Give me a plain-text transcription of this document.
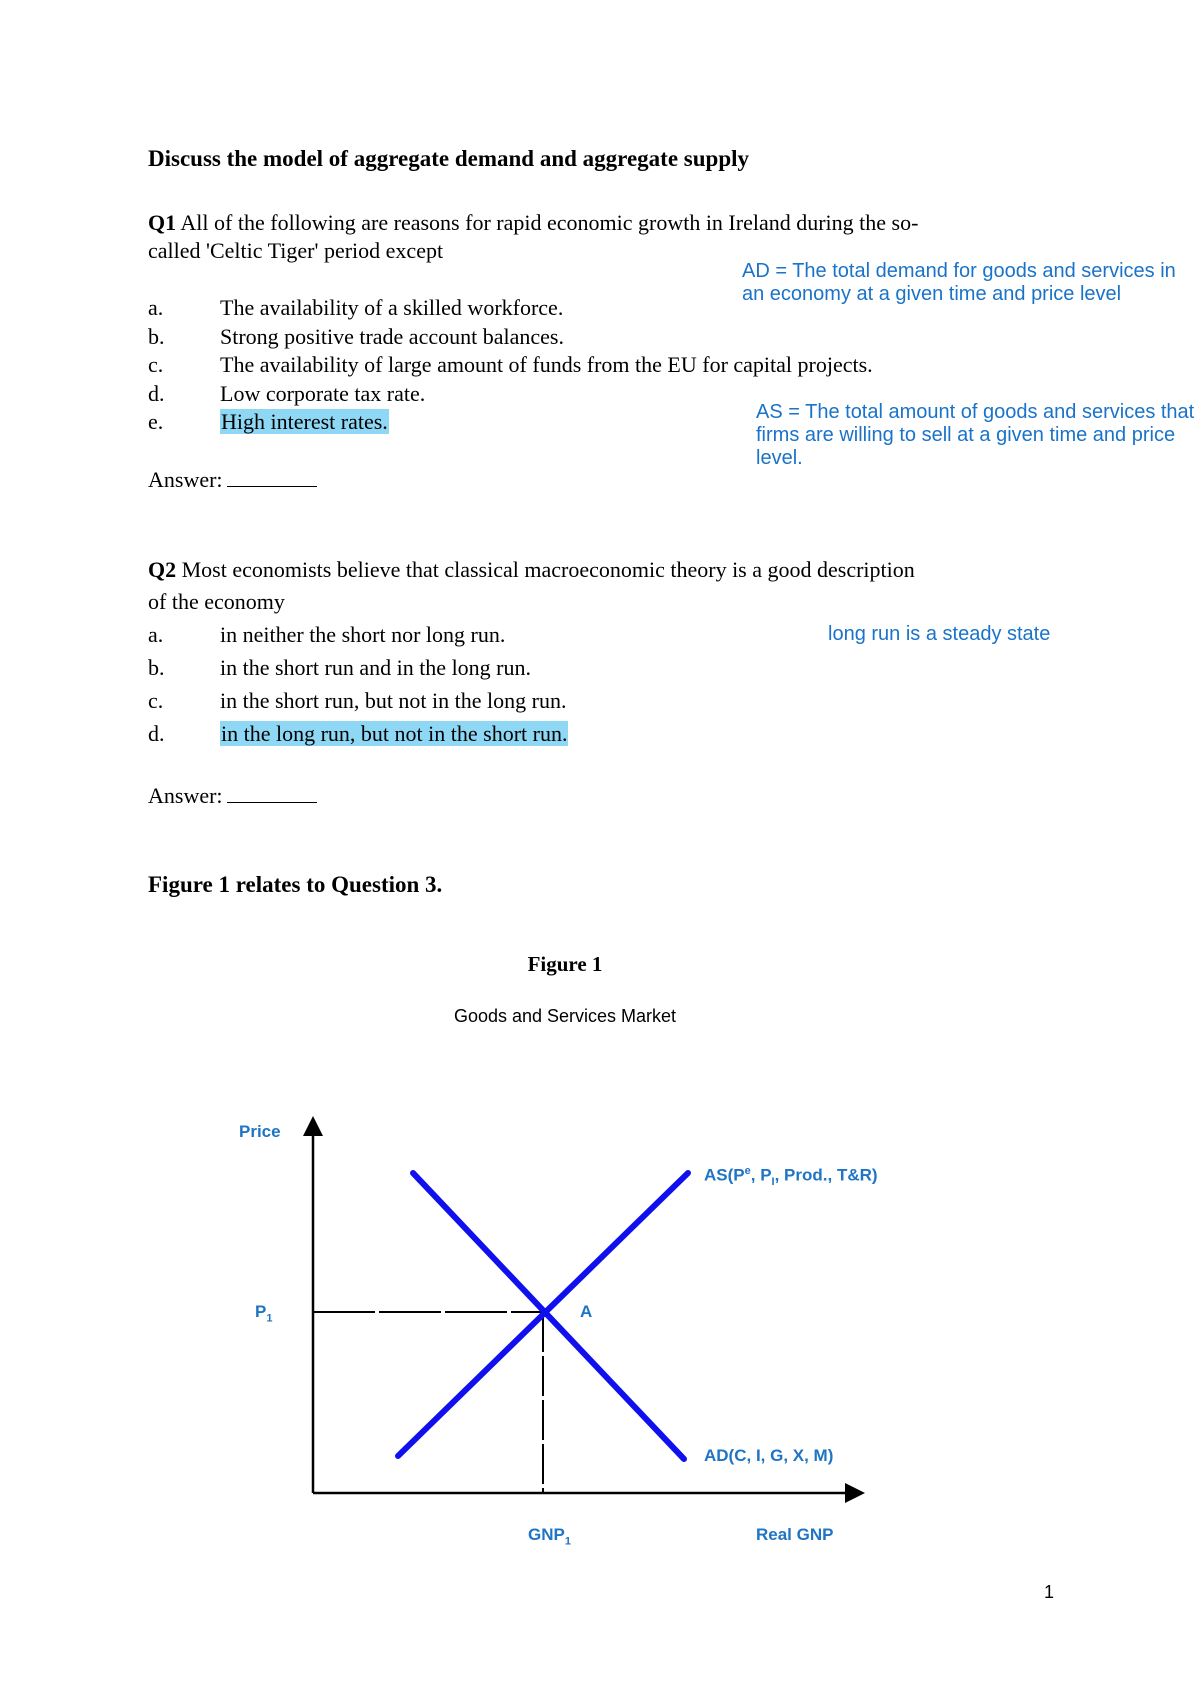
Discuss the model of aggregate demand and aggregate supply
Q1 All of the following are reasons for rapid economic growth in Ireland during the so-
called 'Celtic Tiger' period except
a.	The availability of a skilled workforce.
b.	Strong positive trade account balances.
c.	The availability of large amount of funds from the EU for capital projects.
d.	Low corporate tax rate.
e.	High interest rates.
Answer:
AD = The total demand for goods and services in an economy at a given time and price level
AS = The total amount of goods and services that firms are willing to sell at a given time and price level.
long run is a steady state
Q2 Most economists believe that classical macroeconomic theory is a good description
of the economy
a.	in neither the short nor long run.
b.	in the short run and in the long run.
c.	in the short run, but not in the long run.
d.	in the long run, but not in the short run.
Answer:
Figure 1 relates to Question 3.
Figure 1
Goods and Services Market
Price
Real GNP
$P_1$
$GNP_1$
A
$AS(P^e$, $P_I$, Prod., T&R)
AD(C, I, G, X, M)
1
